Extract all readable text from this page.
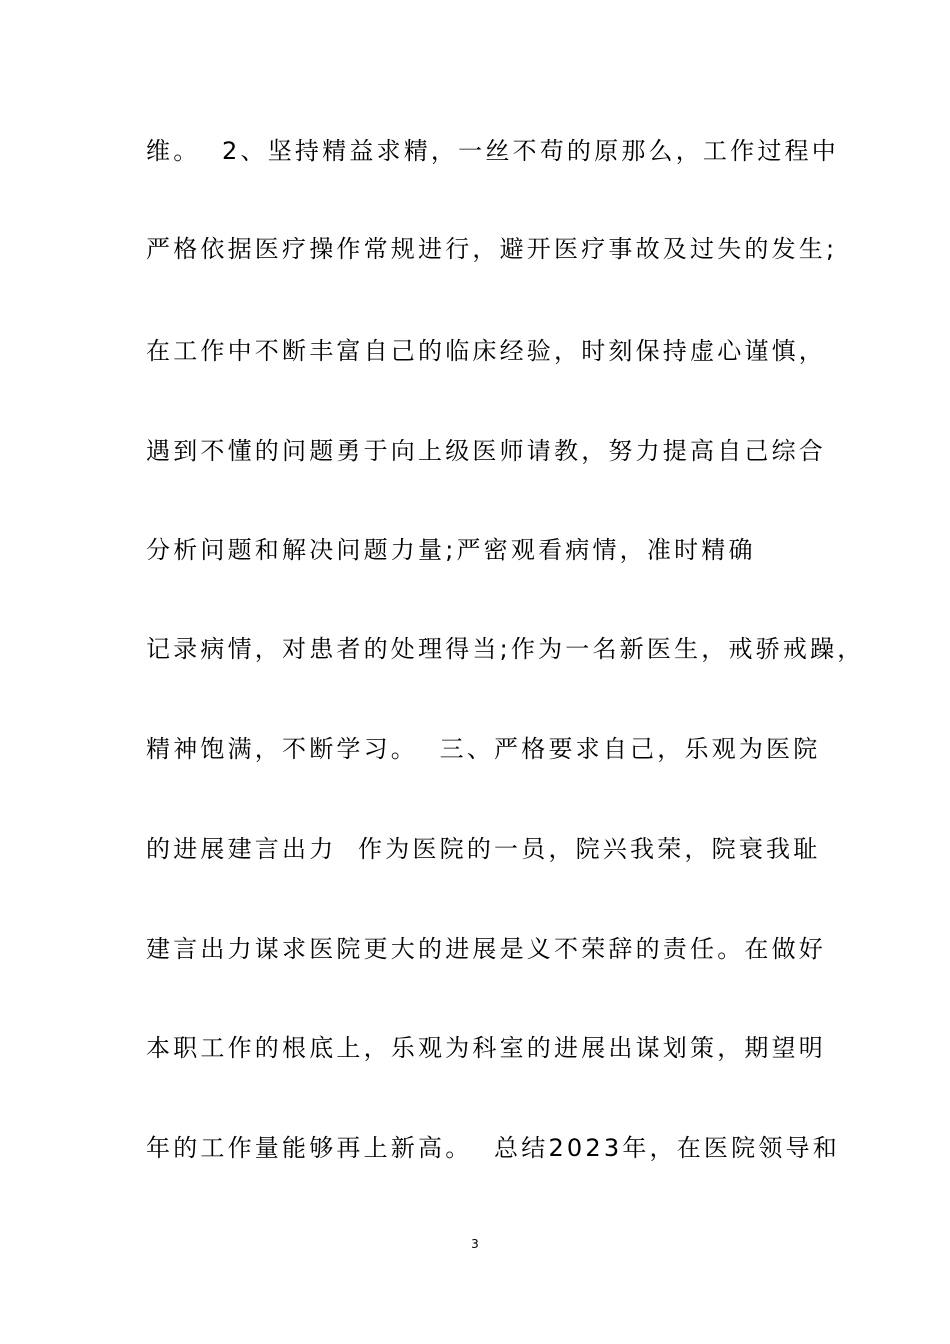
维。  2、坚持精益求精，一丝不苟的原那么，工作过程中
严格依据医疗操作常规进行，避开医疗事故及过失的发生;
在工作中不断丰富自己的临床经验，时刻保持虚心谨慎，
遇到不懂的问题勇于向上级医师请教，努力提高自己综合
分析问题和解决问题力量;严密观看病情，准时精确
记录病情，对患者的处理得当;作为一名新医生，戒骄戒躁，
精神饱满，不断学习。  三、严格要求自己，乐观为医院
的进展建言出力  作为医院的一员，院兴我荣，院衰我耻
建言出力谋求医院更大的进展是义不荣辞的责任。在做好
本职工作的根底上，乐观为科室的进展出谋划策，期望明
年的工作量能够再上新高。  总结2023年，在医院领导和
3
